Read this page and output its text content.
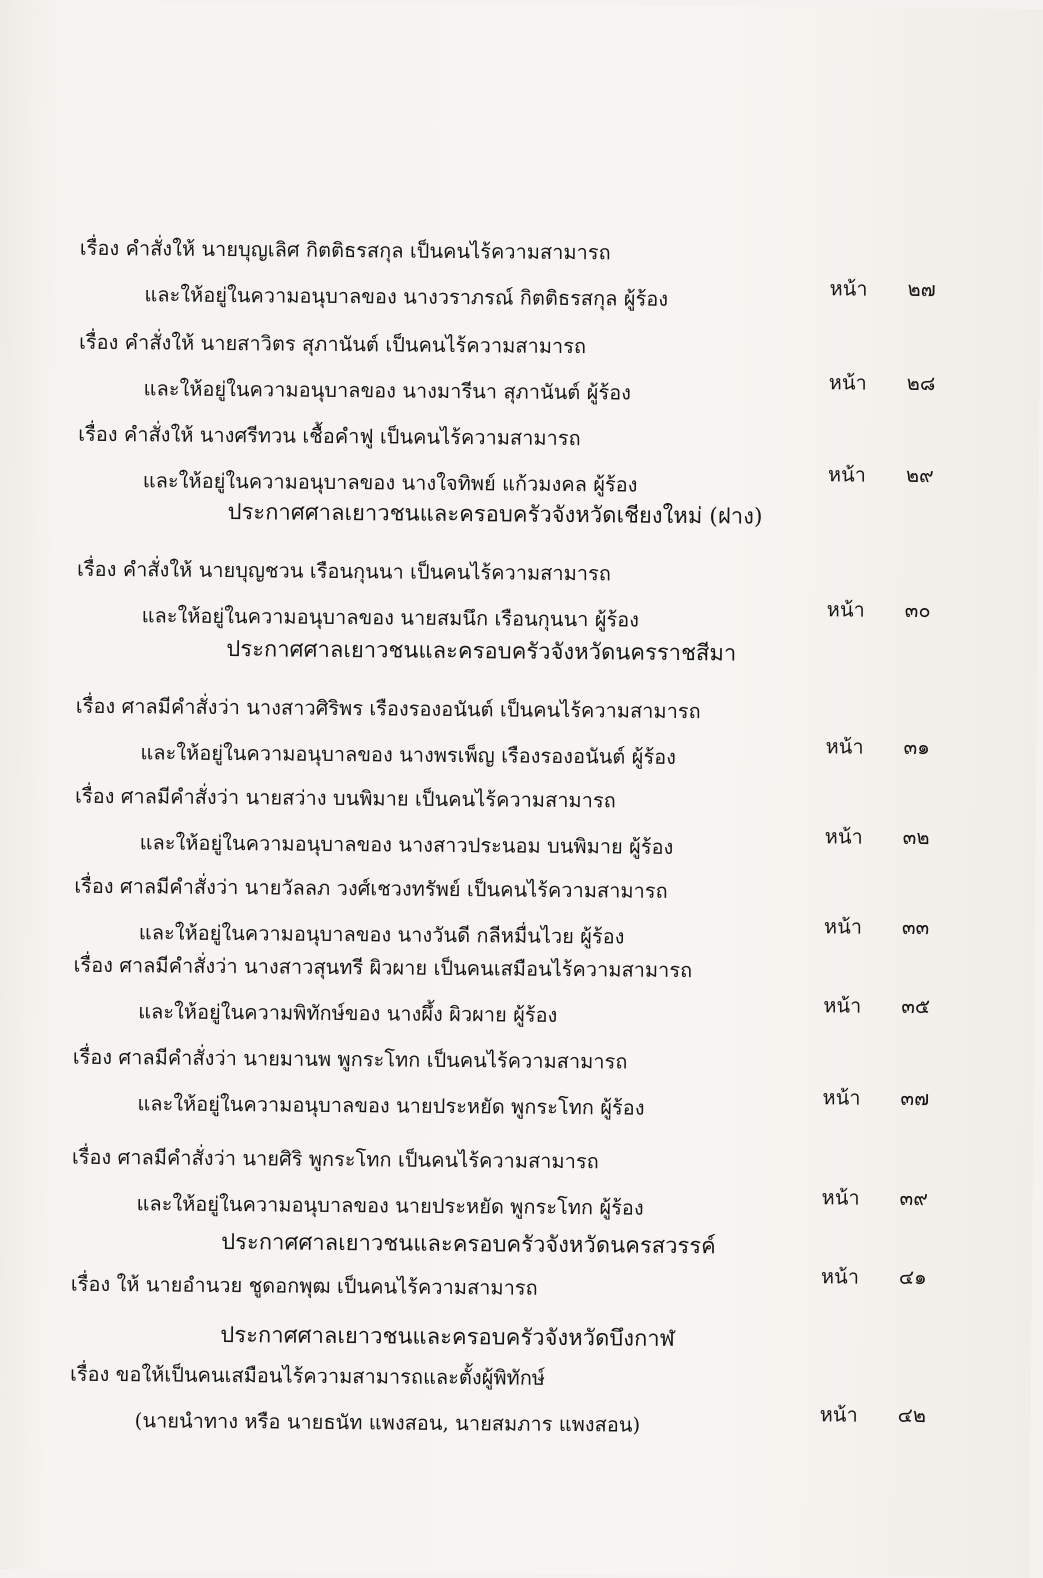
เรื่อง คำสั่งให้ นายบุญเลิศ กิตติธรสกุล เป็นคนไร้ความสามารถ
และให้อยู่ในความอนุบาลของ นางวราภรณ์ กิตติธรสกุล ผู้ร้อง	หน้า ๒๗
เรื่อง คำสั่งให้ นายสาวิตร สุภานันต์ เป็นคนไร้ความสามารถ
และให้อยู่ในความอนุบาลของ นางมารีนา สุภานันต์ ผู้ร้อง	หน้า ๒๘
เรื่อง คำสั่งให้ นางศรีทวน เชื้อคำฟู เป็นคนไร้ความสามารถ
และให้อยู่ในความอนุบาลของ นางใจทิพย์ แก้วมงคล ผู้ร้อง	หน้า ๒๙
ประกาศศาลเยาวชนและครอบครัวจังหวัดเชียงใหม่ (ฝาง)
เรื่อง คำสั่งให้ นายบุญชวน เรือนกุนนา เป็นคนไร้ความสามารถ
และให้อยู่ในความอนุบาลของ นายสมนึก เรือนกุนนา ผู้ร้อง	หน้า ๓๐
ประกาศศาลเยาวชนและครอบครัวจังหวัดนครราชสีมา
เรื่อง ศาลมีคำสั่งว่า นางสาวศิริพร เรืองรองอนันต์ เป็นคนไร้ความสามารถ
และให้อยู่ในความอนุบาลของ นางพรเพ็ญ เรืองรองอนันต์ ผู้ร้อง	หน้า ๓๑
เรื่อง ศาลมีคำสั่งว่า นายสว่าง บนพิมาย เป็นคนไร้ความสามารถ
และให้อยู่ในความอนุบาลของ นางสาวประนอม บนพิมาย ผู้ร้อง	หน้า ๓๒
เรื่อง ศาลมีคำสั่งว่า นายวัลลภ วงศ์เชวงทรัพย์ เป็นคนไร้ความสามารถ
และให้อยู่ในความอนุบาลของ นางวันดี กลีหมื่นไวย ผู้ร้อง	หน้า ๓๓
เรื่อง ศาลมีคำสั่งว่า นางสาวสุนทรี ผิวผาย เป็นคนเสมือนไร้ความสามารถ
และให้อยู่ในความพิทักษ์ของ นางผึ้ง ผิวผาย ผู้ร้อง	หน้า ๓๕
เรื่อง ศาลมีคำสั่งว่า นายมานพ พูกระโทก เป็นคนไร้ความสามารถ
และให้อยู่ในความอนุบาลของ นายประหยัด พูกระโทก ผู้ร้อง	หน้า ๓๗
เรื่อง ศาลมีคำสั่งว่า นายศิริ พูกระโทก เป็นคนไร้ความสามารถ
และให้อยู่ในความอนุบาลของ นายประหยัด พูกระโทก ผู้ร้อง	หน้า ๓๙
ประกาศศาลเยาวชนและครอบครัวจังหวัดนครสวรรค์
เรื่อง ให้ นายอำนวย ชูดอกพุฒ เป็นคนไร้ความสามารถ	หน้า ๔๑
ประกาศศาลเยาวชนและครอบครัวจังหวัดบึงกาฬ
เรื่อง ขอให้เป็นคนเสมือนไร้ความสามารถและตั้งผู้พิทักษ์
(นายนำทาง หรือ นายธนัท แพงสอน, นายสมภาร แพงสอน)	หน้า ๔๒
